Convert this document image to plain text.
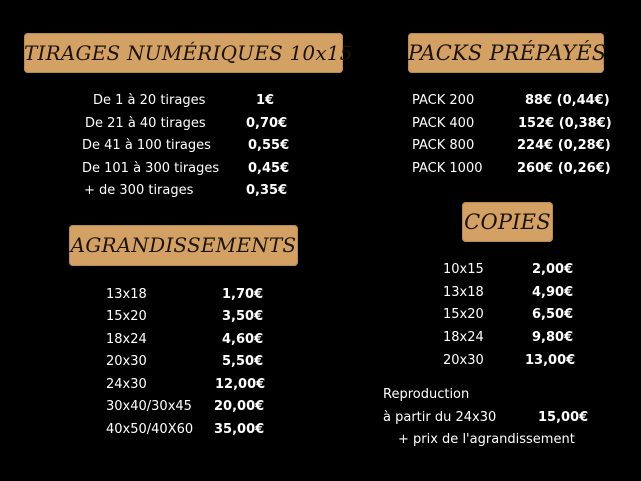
TIRAGES NUMÉRIQUES 10x15	PACKS PRÉPAYÉS
AGRANDISSEMENTS
COPIES
De 1 à 20 tirages	1€
De 21 à 40 tirages	0,70€
De 41 à 100 tirages	0,55€
De 101 à 300 tirages 0,45€
+ de 300 tirages	0,35€
PACK 200	88€ (0,44€)
PACK 400	152€ (0,38€)
PACK 800	224€ (0,28€)
PACK 1000	260€ (0,26€)
10x15	2,00€
13x18	4,90€
15x20	6,50€
18x24	9,80€
20x30	13,00€
13x18	1,70€
15x20	3,50€
18x24	4,60€
20x30	5,50€
24x30	12,00€
30x40/30x45 20,00€
40x50/40X60 35,00€
Reproduction
à partir du 24x30	15,00€
+ prix de l'agrandissement
